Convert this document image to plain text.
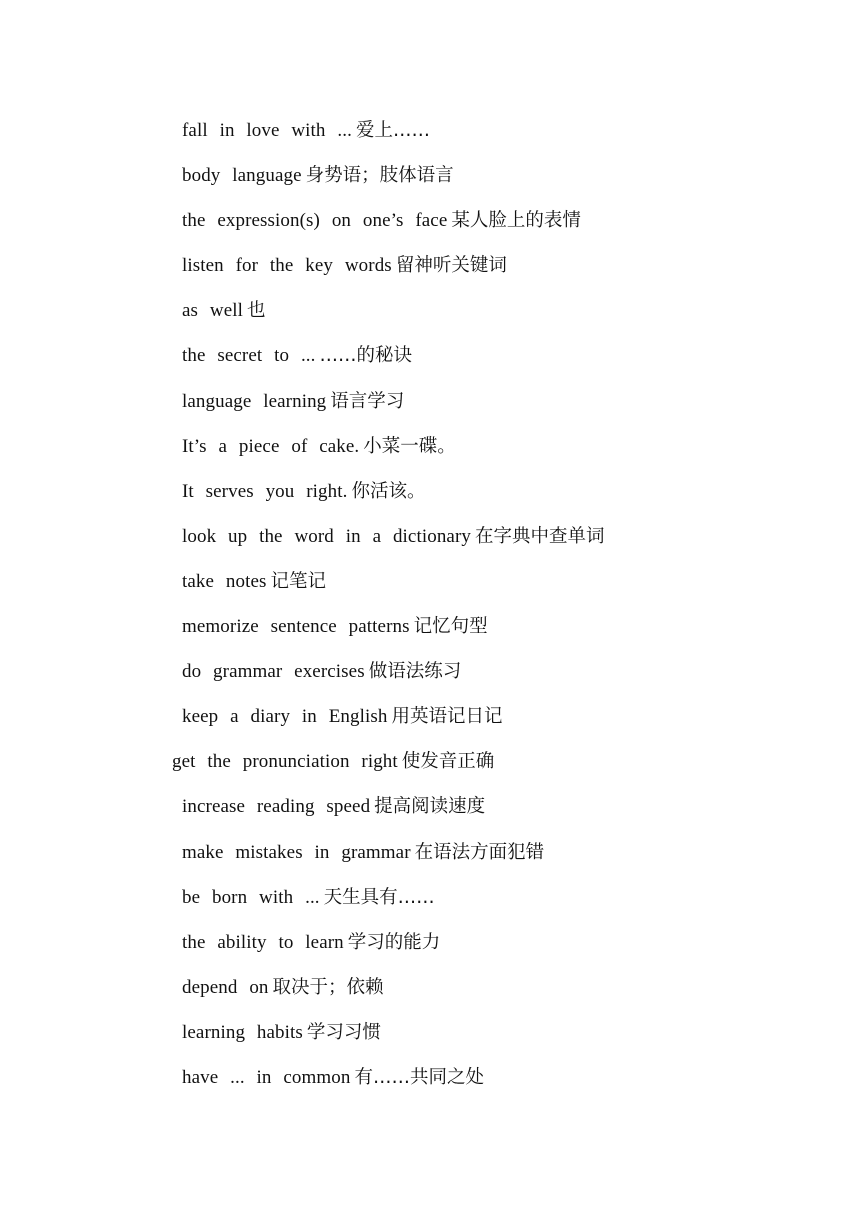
fall in love with ... 爱上……
body language 身势语；肢体语言
the expression(s) on one’s face 某人脸上的表情
listen for the key words 留神听关键词
as well 也
the secret to ... ……的秘诀
language learning 语言学习
It’s a piece of cake. 小菜一碟。
It serves you right. 你活该。
look up the word in a dictionary 在字典中查单词
take notes 记笔记
memorize sentence patterns 记忆句型
do grammar exercises 做语法练习
keep a diary in English 用英语记日记
get the pronunciation right 使发音正确
increase reading speed 提高阅读速度
make mistakes in grammar 在语法方面犯错
be born with ... 天生具有……
the ability to learn 学习的能力
depend on 取决于；依赖
learning habits 学习习惯
have ... in common 有……共同之处
